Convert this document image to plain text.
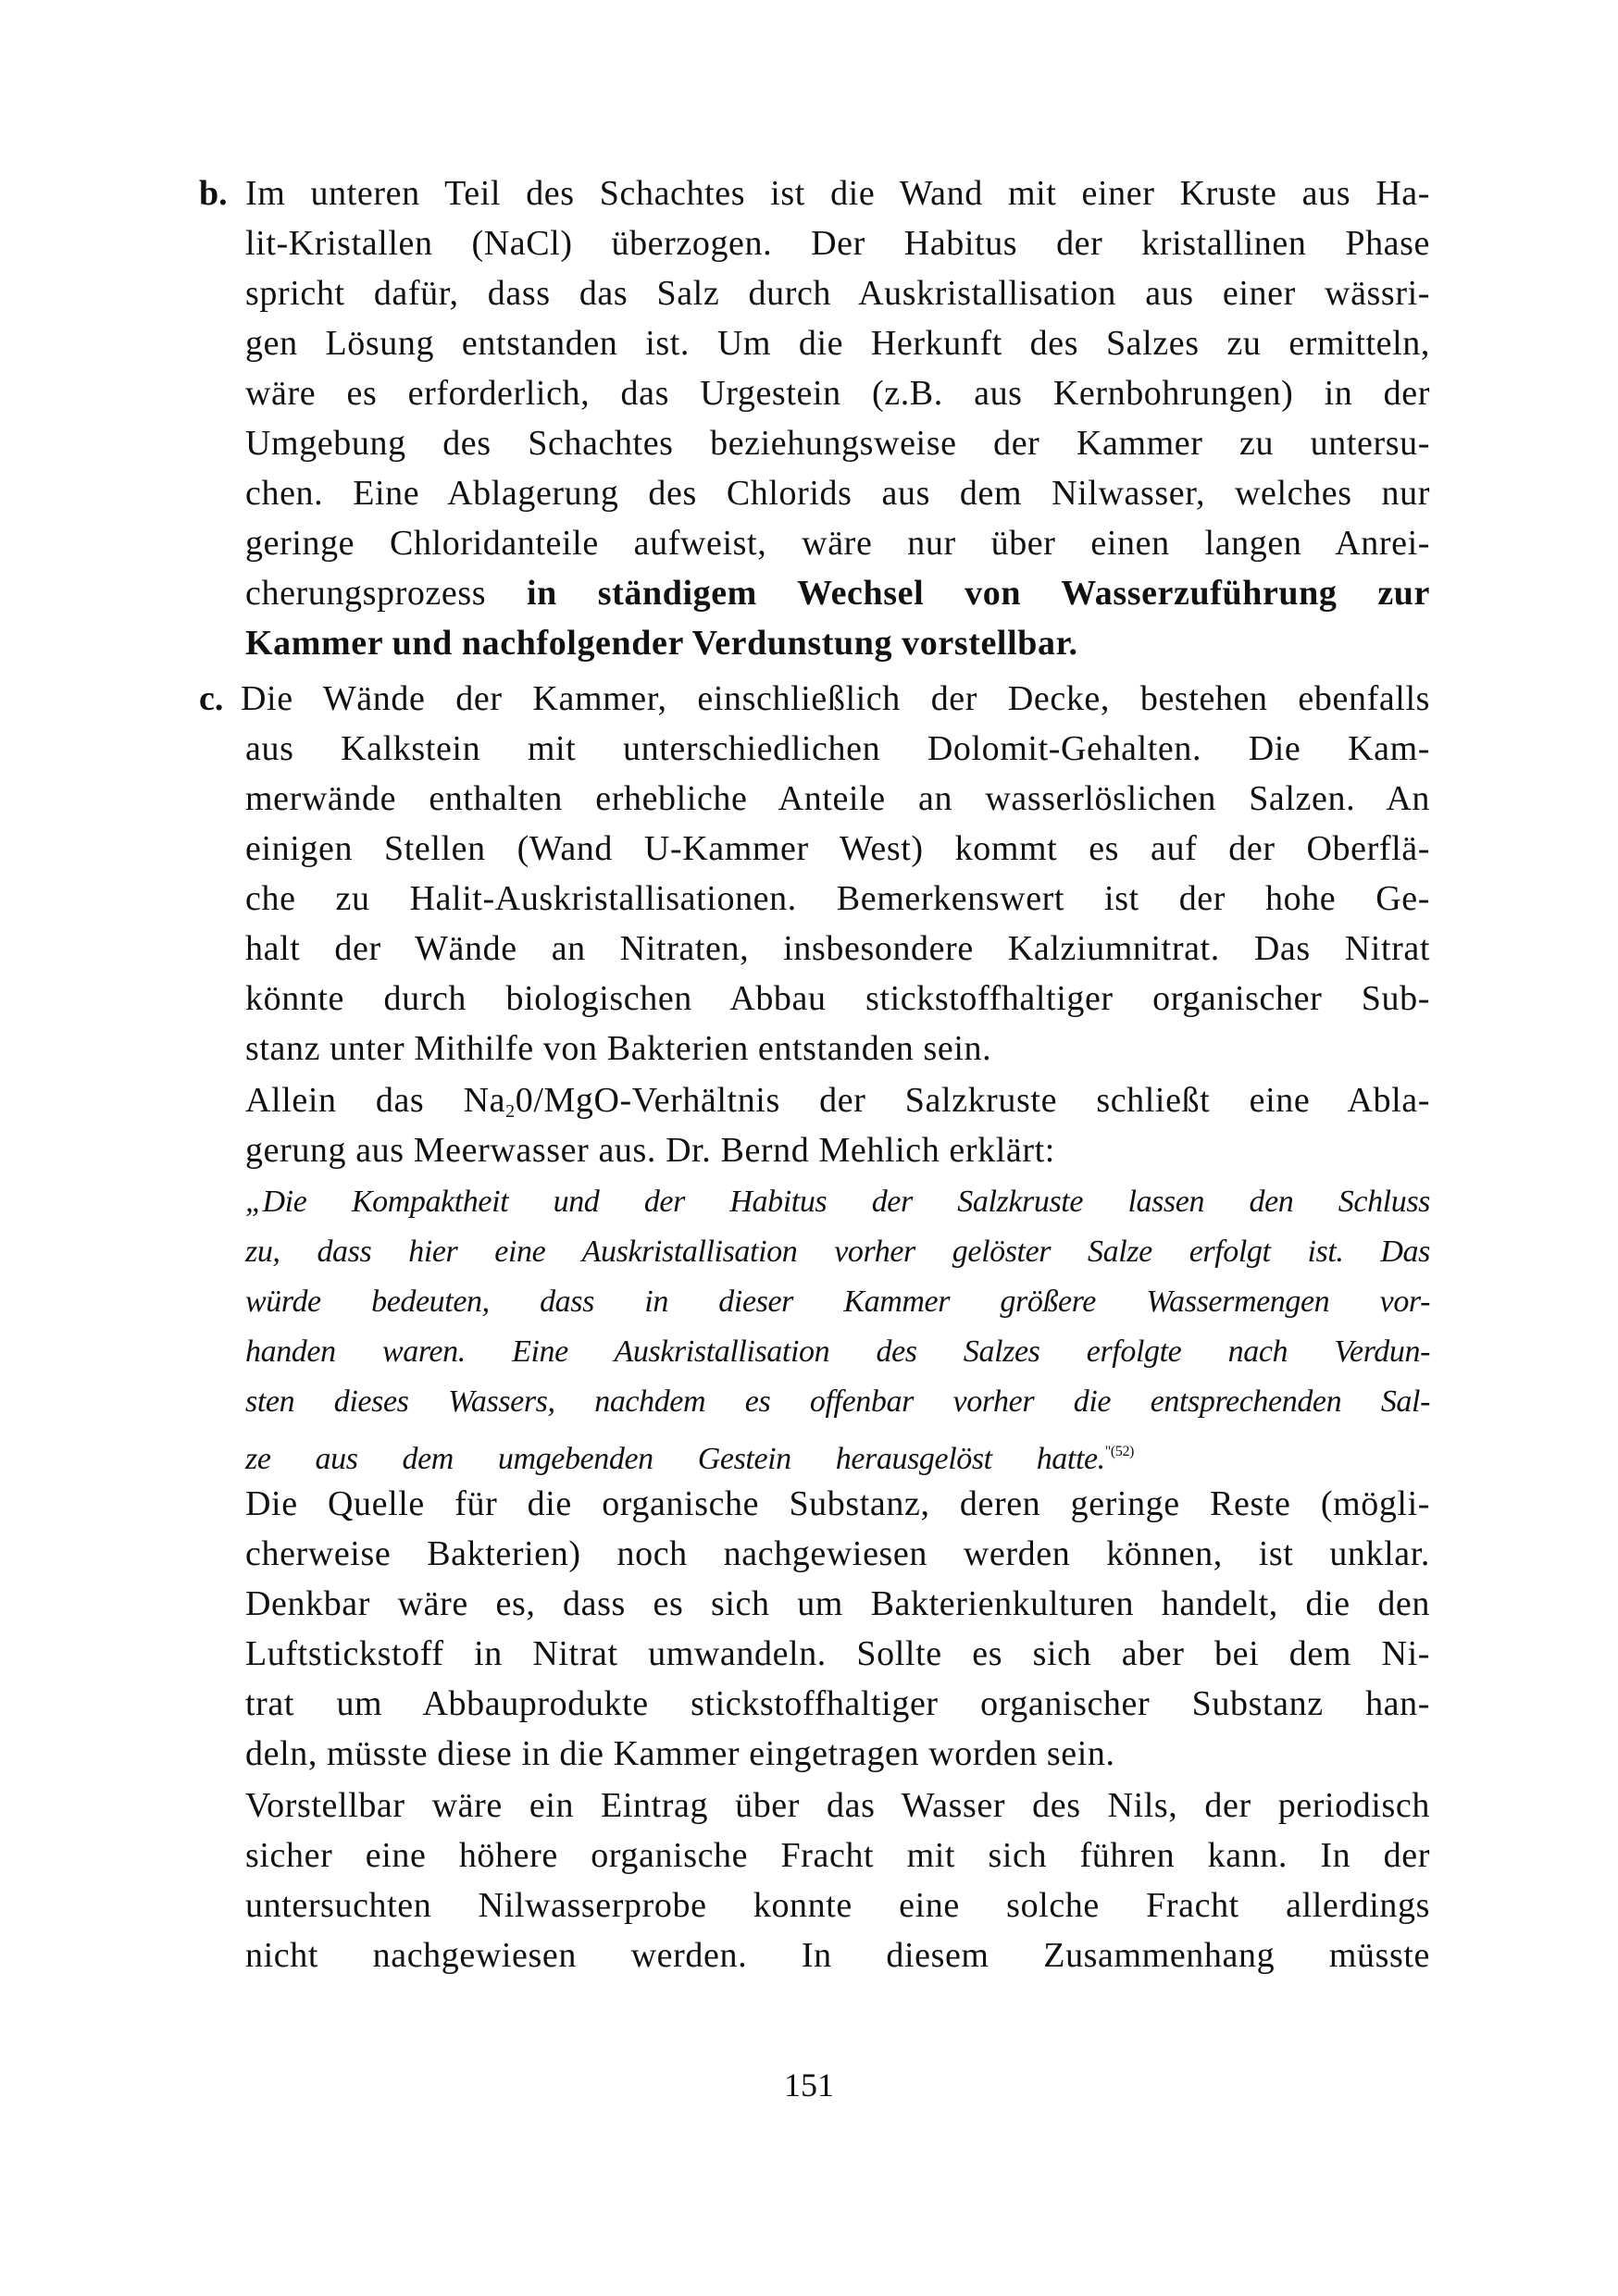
b. Im unteren Teil des Schachtes ist die Wand mit einer Kruste aus Ha-
lit-Kristallen (NaCl) überzogen. Der Habitus der kristallinen Phase
spricht dafür, dass das Salz durch Auskristallisation aus einer wässri-
gen Lösung entstanden ist. Um die Herkunft des Salzes zu ermitteln,
wäre es erforderlich, das Urgestein (z.B. aus Kernbohrungen) in der
Umgebung des Schachtes beziehungsweise der Kammer zu untersu-
chen. Eine Ablagerung des Chlorids aus dem Nilwasser, welches nur
geringe Chloridanteile aufweist, wäre nur über einen langen Anrei-
cherungsprozess in ständigem Wechsel von Wasserzuführung zur
Kammer und nachfolgender Verdunstung vorstellbar.
c. Die Wände der Kammer, einschließlich der Decke, bestehen ebenfalls
aus Kalkstein mit unterschiedlichen Dolomit-Gehalten. Die Kam-
merwände enthalten erhebliche Anteile an wasserlöslichen Salzen. An
einigen Stellen (Wand U-Kammer West) kommt es auf der Oberflä-
che zu Halit-Auskristallisationen. Bemerkenswert ist der hohe Ge-
halt der Wände an Nitraten, insbesondere Kalziumnitrat. Das Nitrat
könnte durch biologischen Abbau stickstoffhaltiger organischer Sub-
stanz unter Mithilfe von Bakterien entstanden sein.
Allein das $Na_20/MgO$-Verhältnis der Salzkruste schließt eine Abla-
gerung aus Meerwasser aus. Dr. Bernd Mehlich erklärt:
„Die Kompaktheit und der Habitus der Salzkruste lassen den Schluss
zu, dass hier eine Auskristallisation vorher gelöster Salze erfolgt ist. Das
würde bedeuten, dass in dieser Kammer größere Wassermengen vor-
handen waren. Eine Auskristallisation des Salzes erfolgte nach Verdun-
sten dieses Wassers, nachdem es offenbar vorher die entsprechenden Sal-
ze aus dem umgebenden Gestein herausgelöst hatte.$^{"(52)}$
Die Quelle für die organische Substanz, deren geringe Reste (mögli-
cherweise Bakterien) noch nachgewiesen werden können, ist unklar.
Denkbar wäre es, dass es sich um Bakterienkulturen handelt, die den
Luftstickstoff in Nitrat umwandeln. Sollte es sich aber bei dem Ni-
trat um Abbauprodukte stickstoffhaltiger organischer Substanz han-
deln, müsste diese in die Kammer eingetragen worden sein.
Vorstellbar wäre ein Eintrag über das Wasser des Nils, der periodisch
sicher eine höhere organische Fracht mit sich führen kann. In der
untersuchten Nilwasserprobe konnte eine solche Fracht allerdings
nicht nachgewiesen werden. In diesem Zusammenhang müsste
151
